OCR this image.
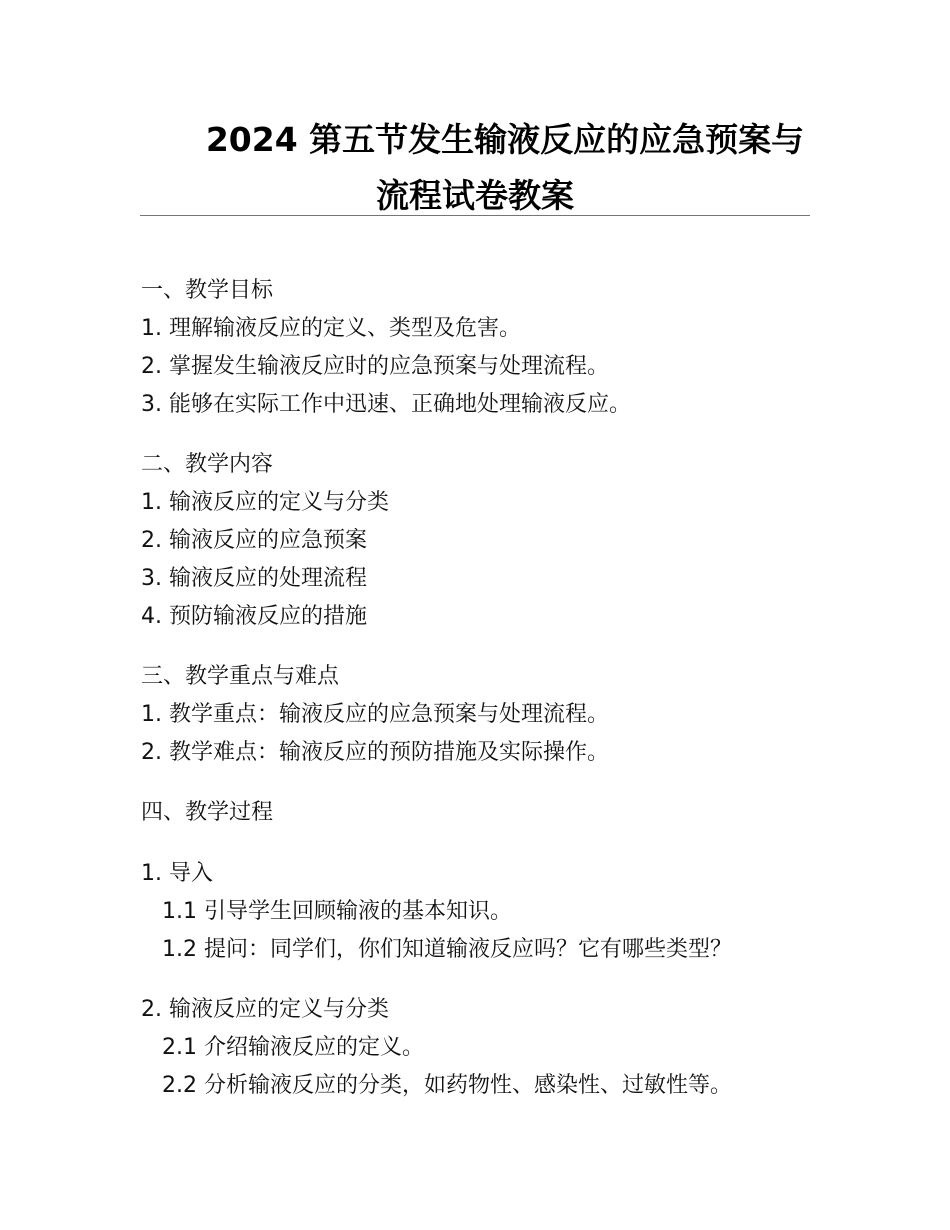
2024 第五节发生输液反应的应急预案与
流程试卷教案
一、教学目标
1. 理解输液反应的定义、类型及危害。
2. 掌握发生输液反应时的应急预案与处理流程。
3. 能够在实际工作中迅速、正确地处理输液反应。
二、教学内容
1. 输液反应的定义与分类
2. 输液反应的应急预案
3. 输液反应的处理流程
4. 预防输液反应的措施
三、教学重点与难点
1. 教学重点：输液反应的应急预案与处理流程。
2. 教学难点：输液反应的预防措施及实际操作。
四、教学过程
1. 导入
1.1 引导学生回顾输液的基本知识。
1.2 提问：同学们，你们知道输液反应吗？它有哪些类型？
2. 输液反应的定义与分类
2.1 介绍输液反应的定义。
2.2 分析输液反应的分类，如药物性、感染性、过敏性等。
